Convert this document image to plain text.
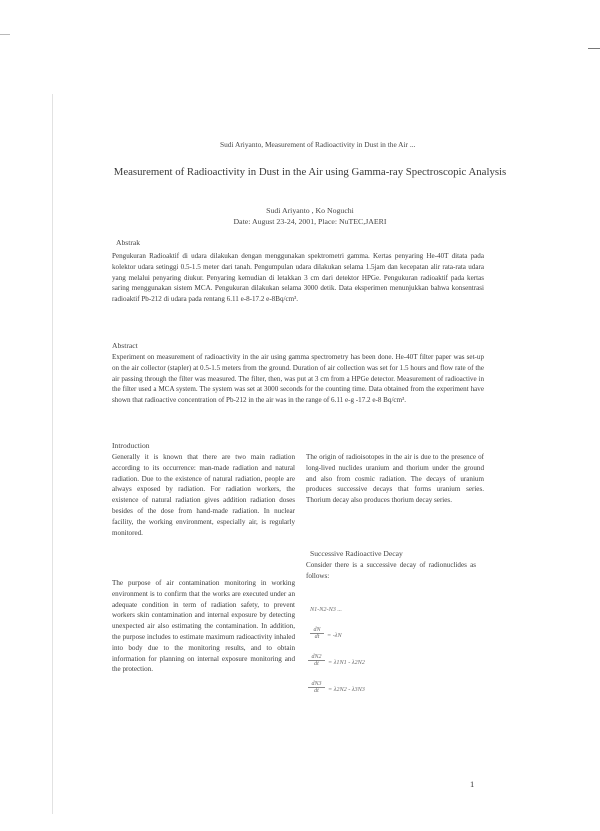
Sudi Ariyanto, Measurement of Radioactivity in Dust in the Air ...
Measurement of Radioactivity in Dust in the Air using Gamma-ray Spectroscopic Analysis
Sudi Ariyanto , Ko Noguchi
Date: August 23-24, 2001, Place: NuTEC,JAERI
Abstrak
Pengukuran Radioaktif di udara dilakukan dengan menggunakan spektrometri gamma. Kertas penyaring He-40T ditata pada kolektor udara setinggi 0.5-1.5 meter dari tanah. Pengumpulan udara dilakukan selama 1.5jam dan kecepatan alir rata-rata udara yang melalui penyaring diukur. Penyaring kemudian di letakkan 3 cm dari detektor HPGe. Pengukuran radioaktif pada kertas saring menggunakan sistem MCA. Pengukuran dilakukan selama 3000 detik. Data eksperimen menunjukkan bahwa konsentrasi radioaktif Pb-212 di udara pada rentang 6.11 e-8-17.2 e-8Bq/cm³.
Abstract
Experiment on measurement of radioactivity in the air using gamma spectrometry has been done. He-40T filter paper was set-up on the air collector (stapler) at 0.5-1.5 meters from the ground. Duration of air collection was set for 1.5 hours and flow rate of the air passing through the filter was measured. The filter, then, was put at 3 cm from a HPGe detector. Measurement of radioactive in the filter used a MCA system. The system was set at 3000 seconds for the counting time. Data obtained from the experiment have shown that radioactive concentration of Pb-212 in the air was in the range of 6.11 e-g -17.2 e-8 Bq/cm³.
Introduction
Generally it is known that there are two main radiation according to its occurrence: man-made radiation and natural radiation. Due to the existence of natural radiation, people are always exposed by radiation. For radiation workers, the existence of natural radiation gives addition radiation doses besides of the dose from hand-made radiation. In nuclear facility, the working environment, especially air, is regularly monitored.
The purpose of air contamination monitoring in working environment is to confirm that the works are executed under an adequate condition in term of radiation safety, to prevent workers skin contamination and internal exposure by detecting unexpected air also estimating the contamination. In addition, the purpose includes to estimate maximum radioactivity inhaled into body due to the monitoring results, and to obtain information for planning on internal exposure monitoring and the protection.
The origin of radioisotopes in the air is due to the presence of long-lived nuclides uranium and thorium under the ground and also from cosmic radiation. The decays of uranium produces successive decays that forms uranium series. Thorium decay also produces thorium decay series.
Successive Radioactive Decay
Consider there is a successive decay of radionuclides as follows:
N1-N2-N3 ...
$\frac{dN}{dt} = -\lambda N$
$\frac{dN2}{dt} = \lambda 1N1 - \lambda 2N2$
$\frac{dN3}{dt} = \lambda 2N2 - \lambda 3N3$
1
